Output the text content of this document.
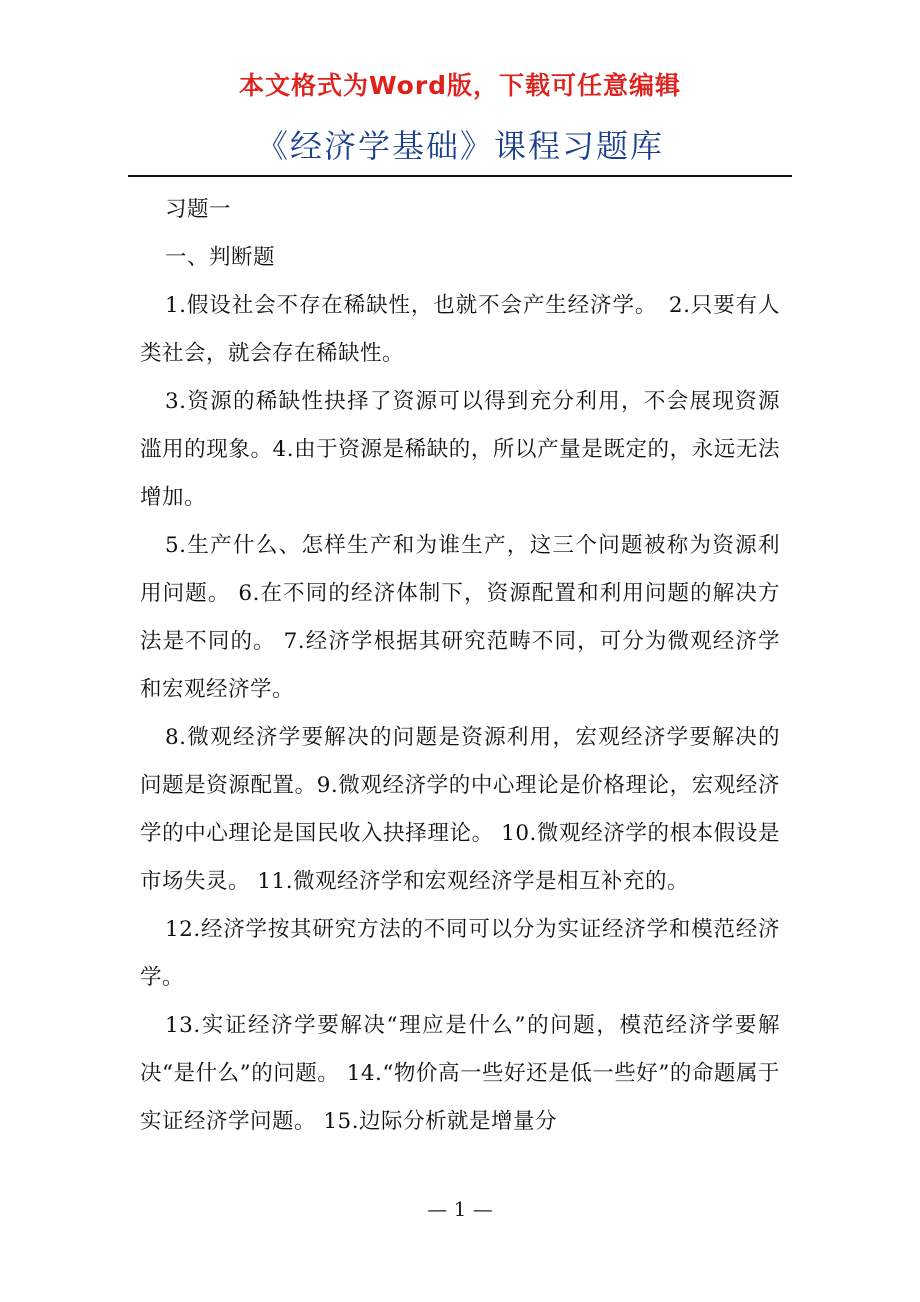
本文格式为Word版，下载可任意编辑
《经济学基础》课程习题库

习题一

一、判断题

1.假设社会不存在稀缺性，也就不会产生经济学。　2.只要有人类社会，就会存在稀缺性。

3.资源的稀缺性抉择了资源可以得到充分利用，不会展现资源滥用的现象。4.由于资源是稀缺的，所以产量是既定的，永远无法增加。

5.生产什么、怎样生产和为谁生产，这三个问题被称为资源利用问题。 6.在不同的经济体制下，资源配置和利用问题的解决方法是不同的。 7.经济学根据其研究范畴不同，可分为微观经济学和宏观经济学。

8.微观经济学要解决的问题是资源利用，宏观经济学要解决的问题是资源配置。9.微观经济学的中心理论是价格理论，宏观经济学的中心理论是国民收入抉择理论。 10.微观经济学的根本假设是市场失灵。 11.微观经济学和宏观经济学是相互补充的。

12.经济学按其研究方法的不同可以分为实证经济学和模范经济学。

13.实证经济学要解决“理应是什么”的问题，模范经济学要解决“是什么”的问题。 14.“物价高一些好还是低一些好”的命题属于实证经济学问题。 15.边际分析就是增量分

— 1 —
